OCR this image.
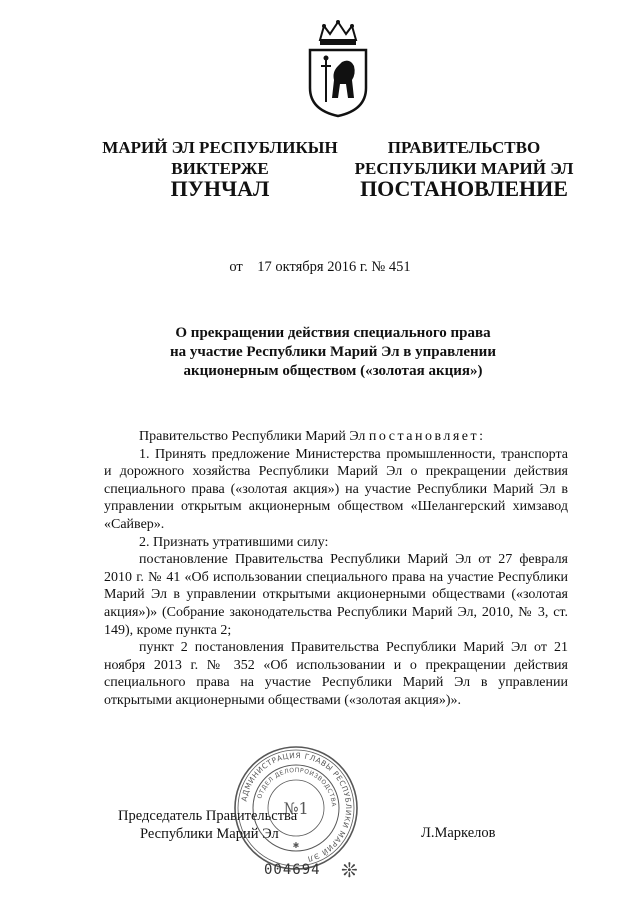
МАРИЙ ЭЛ РЕСПУБЛИКЫН
ВИКТЕРЖЕ
ПРАВИТЕЛЬСТВО
РЕСПУБЛИКИ МАРИЙ ЭЛ
ПУНЧАЛ	ПОСТАНОВЛЕНИЕ
от 17 октября 2016 г. № 451
О прекращении действия специального права
на участие Республики Марий Эл в управлении
акционерным обществом («золотая акция»)

Правительство Республики Марий Эл постановляет:

1. Принять предложение Министерства промышленности, транспорта и дорожного хозяйства Республики Марий Эл о прекращении действия специального права («золотая акция») на участие Республики Марий Эл в управлении открытым акционерным обществом «Шелангерский химзавод «Сайвер».

2. Признать утратившими силу:

постановление Правительства Республики Марий Эл от 27 февраля 2010 г. № 41 «Об использовании специального права на участие Республики Марий Эл в управлении открытыми акционерными обществами («золотая акция»)» (Собрание законодательства Республики Марий Эл, 2010, № 3, ст. 149), кроме пункта 2;

пункт 2 постановления Правительства Республики Марий Эл от 21 ноября 2013 г. № 352 «Об использовании и о прекращении действия специального права на участие Республики Марий Эл в управлении открытыми акционерными обществами («золотая акция»)».

Председатель Правительства
Республики Марий Эл	Л.Маркелов
АДМИНИСТРАЦИЯ ГЛАВЫ РЕСПУБЛИКИ МАРИЙ ЭЛ
ОТДЕЛ ДЕЛОПРОИЗВОДСТВА
№1
✱
004694 ❊
